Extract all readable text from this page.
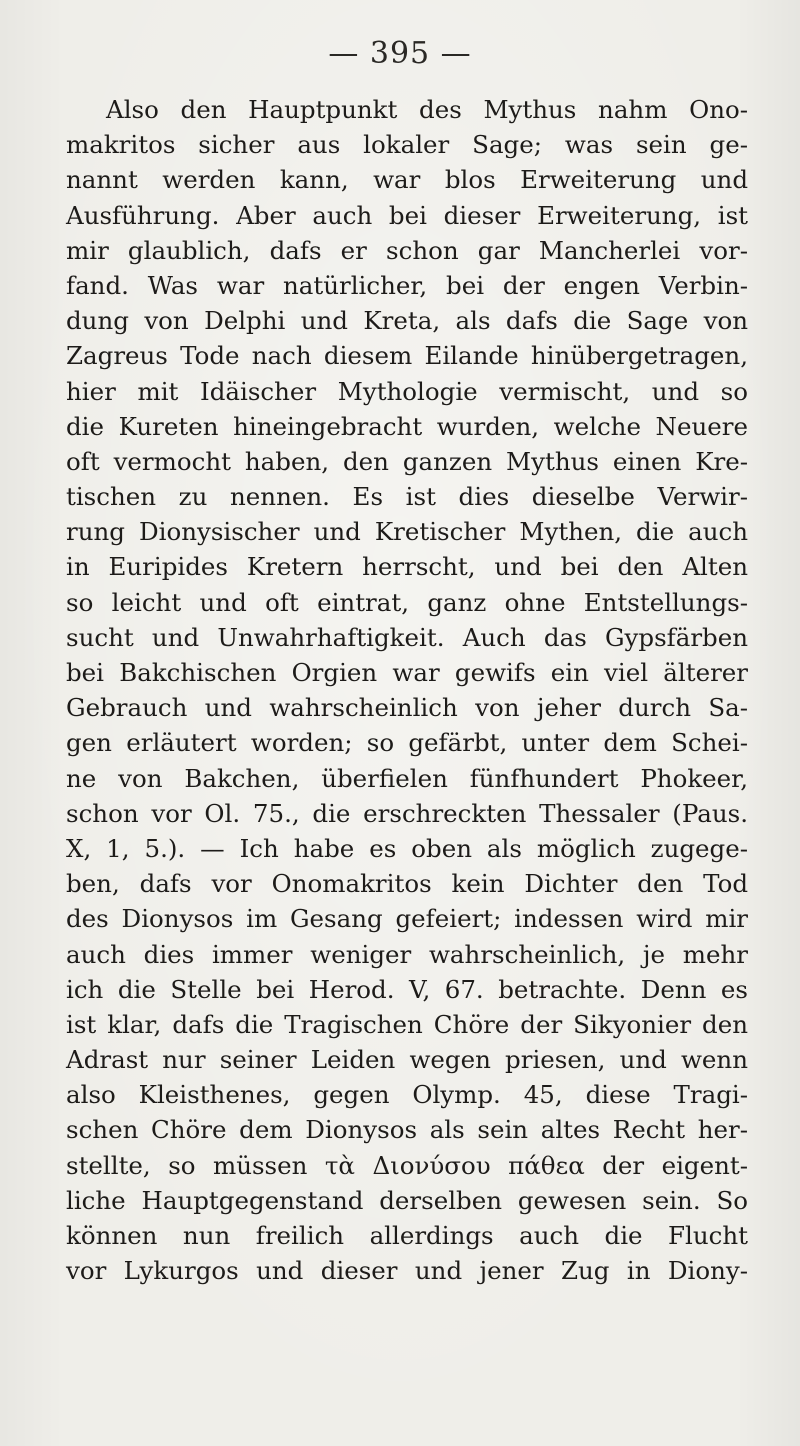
— 395 —
Also den Hauptpunkt des Mythus nahm Ono-
makritos sicher aus lokaler Sage; was sein ge-
nannt werden kann, war blos Erweiterung und
Ausführung. Aber auch bei dieser Erweiterung, ist
mir glaublich, dafs er schon gar Mancherlei vor-
fand. Was war natürlicher, bei der engen Verbin-
dung von Delphi und Kreta, als dafs die Sage von
Zagreus Tode nach diesem Eilande hinübergetragen,
hier mit Idäischer Mythologie vermischt, und so
die Kureten hineingebracht wurden, welche Neuere
oft vermocht haben, den ganzen Mythus einen Kre-
tischen zu nennen. Es ist dies dieselbe Verwir-
rung Dionysischer und Kretischer Mythen, die auch
in Euripides Kretern herrscht, und bei den Alten
so leicht und oft eintrat, ganz ohne Entstellungs-
sucht und Unwahrhaftigkeit. Auch das Gypsfärben
bei Bakchischen Orgien war gewifs ein viel älterer
Gebrauch und wahrscheinlich von jeher durch Sa-
gen erläutert worden; so gefärbt, unter dem Schei-
ne von Bakchen, überfielen fünfhundert Phokeer,
schon vor Ol. 75., die erschreckten Thessaler (Paus.
X, 1, 5.). — Ich habe es oben als möglich zugege-
ben, dafs vor Onomakritos kein Dichter den Tod
des Dionysos im Gesang gefeiert; indessen wird mir
auch dies immer weniger wahrscheinlich, je mehr
ich die Stelle bei Herod. V, 67. betrachte. Denn es
ist klar, dafs die Tragischen Chöre der Sikyonier den
Adrast nur seiner Leiden wegen priesen, und wenn
also Kleisthenes, gegen Olymp. 45, diese Tragi-
schen Chöre dem Dionysos als sein altes Recht her-
stellte, so müssen τὰ Διονύσου πάθεα der eigent-
liche Hauptgegenstand derselben gewesen sein. So
können nun freilich allerdings auch die Flucht
vor Lykurgos und dieser und jener Zug in Diony-
